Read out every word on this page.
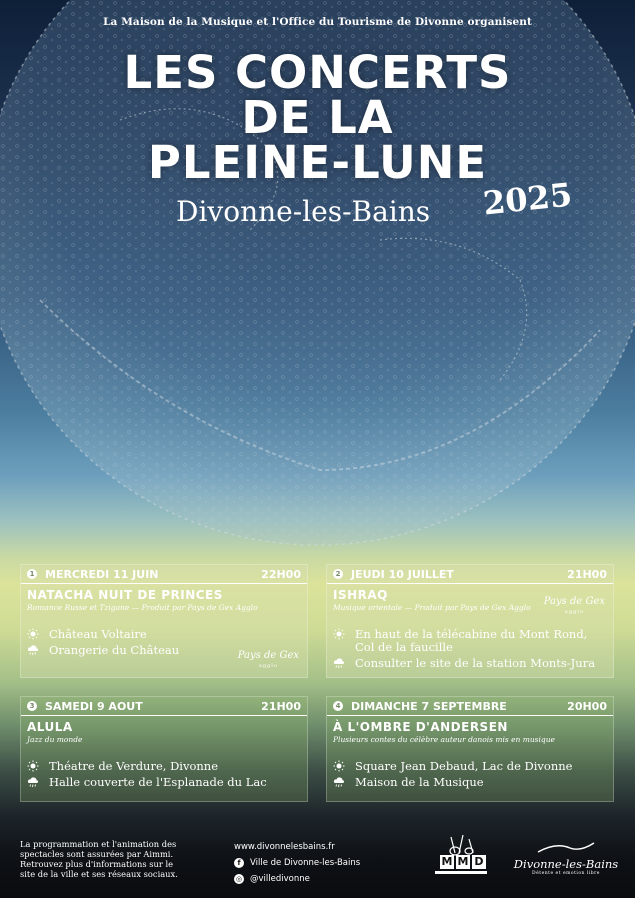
La Maison de la Musique et l'Office du Tourisme de Divonne organisent
LES CONCERTS
DE LA
PLEINE-LUNE
Divonne-les-Bains 2025
1 MERCREDI 11 JUIN	22H00
NATACHA NUIT DE PRINCES
Romance Russe et Tzigane — Produit par Pays de Gex Agglo
Château Voltaire
Orangerie du Château	Pays de Gex
agglo
2 JEUDI 10 JUILLET	21H00
ISHRAQ
Musique orientale — Produit par Pays de Gex Agglo
Pays de Gex
agglo
En haut de la télécabine du Mont Rond,
Col de la faucille
Consulter le site de la station Monts-Jura
3 SAMEDI 9 AOUT	21H00
ALULA
Jazz du monde
Théatre de Verdure, Divonne
Halle couverte de l'Esplanade du Lac
4 DIMANCHE 7 SEPTEMBRE	20H00
À L'OMBRE D'ANDERSEN
Plusieurs contes du célèbre auteur danois mis en musique
Square Jean Debaud, Lac de Divonne
Maison de la Musique
La programmation et l'animation des spectacles sont assurées par Aimmi. Retrouvez plus d'informations sur le site de la ville et ses réseaux sociaux.
www.divonnelesbains.fr
f	Ville de Divonne-les-Bains
◎ @villedivonne
M M D	Divonne-les-Bains
Détente et emotion libre
